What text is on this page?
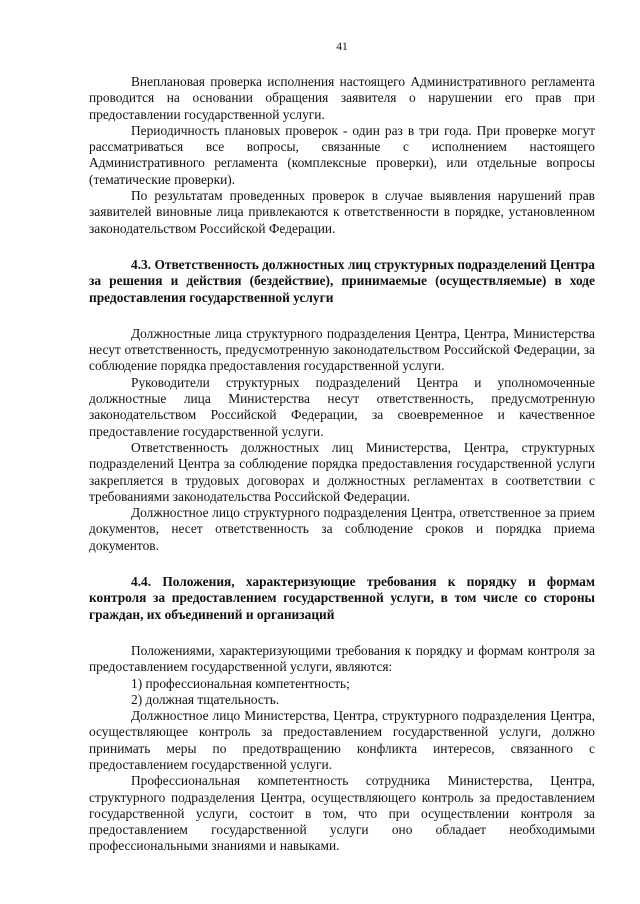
41

Внеплановая проверка исполнения настоящего Административного регламента проводится на основании обращения заявителя о нарушении его прав при предоставлении государственной услуги.

Периодичность плановых проверок - один раз в три года. При проверке могут рассматриваться все вопросы, связанные с исполнением настоящего Административного регламента (комплексные проверки), или отдельные вопросы (тематические проверки).

По результатам проведенных проверок в случае выявления нарушений прав заявителей виновные лица привлекаются к ответственности в порядке, установленном законодательством Российской Федерации.

4.3. Ответственность должностных лиц структурных подразделений Центра за решения и действия (бездействие), принимаемые (осуществляемые) в ходе предоставления государственной услуги

Должностные лица структурного подразделения Центра, Центра, Министерства несут ответственность, предусмотренную законодательством Российской Федерации, за соблюдение порядка предоставления государственной услуги.

Руководители структурных подразделений Центра и уполномоченные должностные лица Министерства несут ответственность, предусмотренную законодательством Российской Федерации, за своевременное и качественное предоставление государственной услуги.

Ответственность должностных лиц Министерства, Центра, структурных подразделений Центра за соблюдение порядка предоставления государственной услуги закрепляется в трудовых договорах и должностных регламентах в соответствии с требованиями законодательства Российской Федерации.

Должностное лицо структурного подразделения Центра, ответственное за прием документов, несет ответственность за соблюдение сроков и порядка приема документов.

4.4. Положения, характеризующие требования к порядку и формам контроля за предоставлением государственной услуги, в том числе со стороны граждан, их объединений и организаций

Положениями, характеризующими требования к порядку и формам контроля за предоставлением государственной услуги, являются:

1) профессиональная компетентность;

2) должная тщательность.

Должностное лицо Министерства, Центра, структурного подразделения Центра, осуществляющее контроль за предоставлением государственной услуги, должно принимать меры по предотвращению конфликта интересов, связанного с предоставлением государственной услуги.

Профессиональная компетентность сотрудника Министерства, Центра, структурного подразделения Центра, осуществляющего контроль за предоставлением государственной услуги, состоит в том, что при осуществлении контроля за предоставлением государственной услуги оно обладает необходимыми профессиональными знаниями и навыками.
